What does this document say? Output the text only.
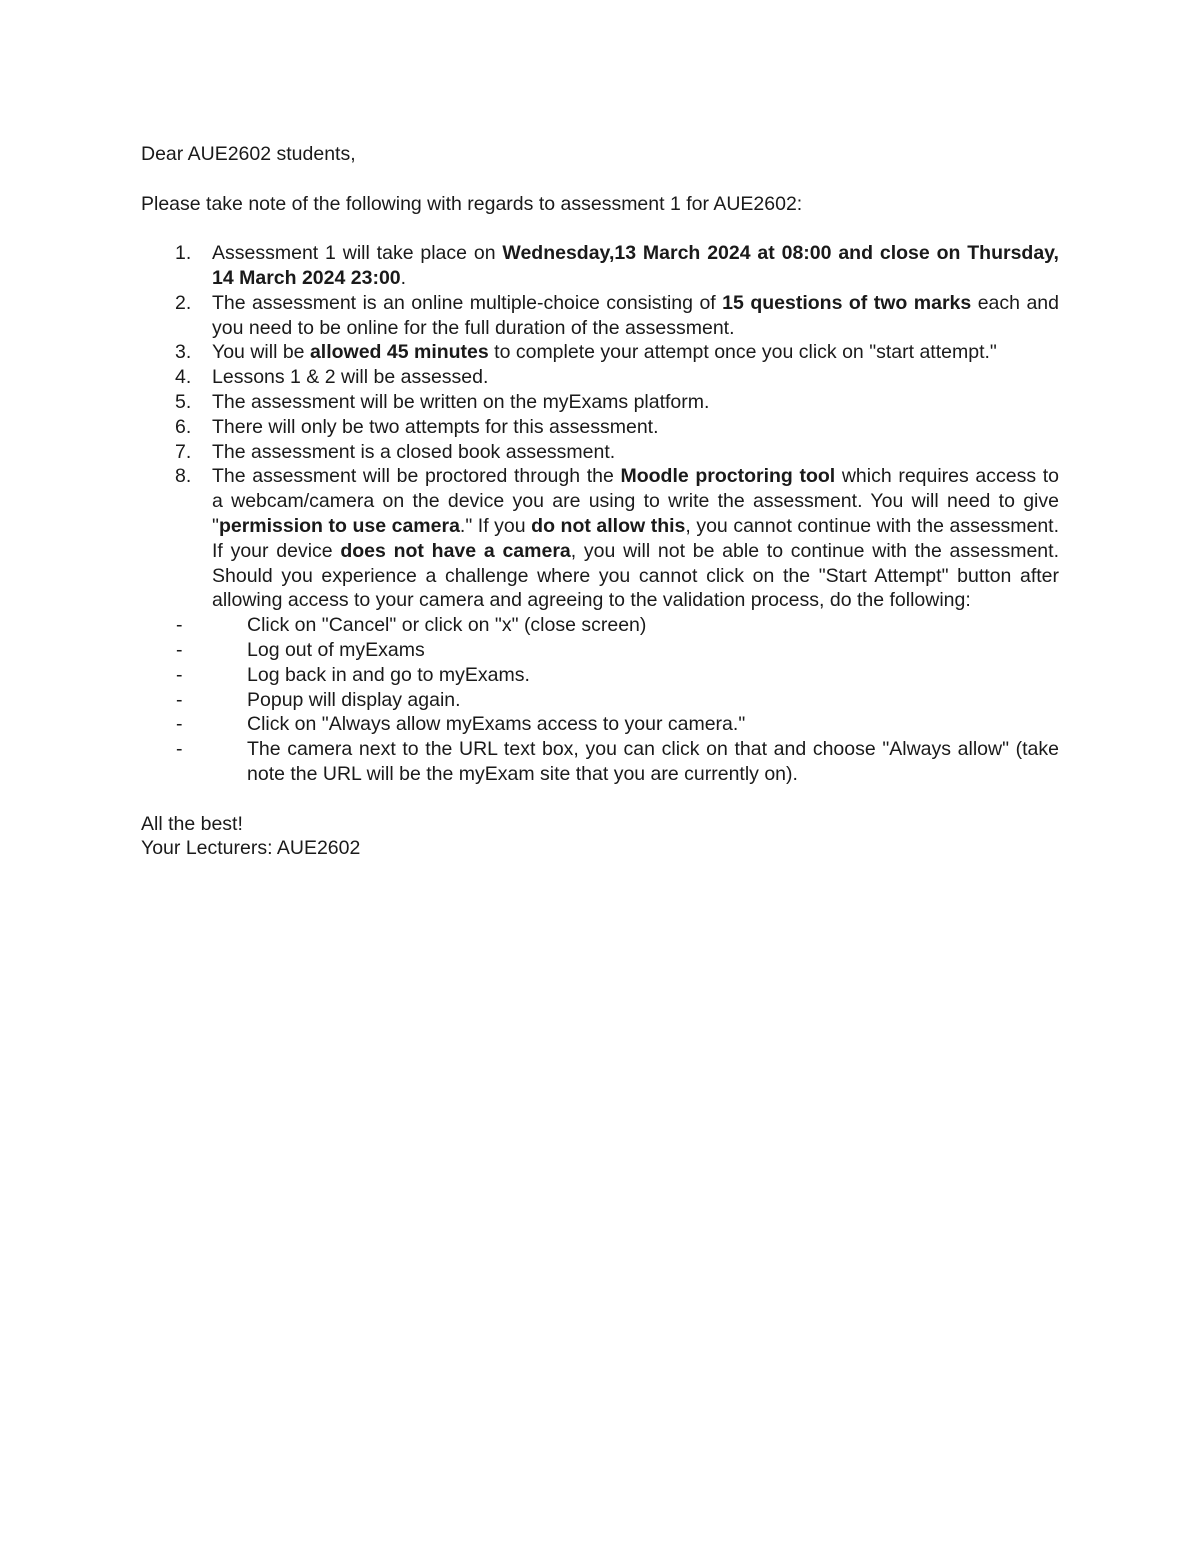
Dear AUE2602 students,

Please take note of the following with regards to assessment 1 for AUE2602:

1. Assessment 1 will take place on Wednesday,13 March 2024 at 08:00 and close on Thursday, 14 March 2024 23:00.
2. The assessment is an online multiple-choice consisting of 15 questions of two marks each and you need to be online for the full duration of the assessment.
3. You will be allowed 45 minutes to complete your attempt once you click on "start attempt."
4. Lessons 1 & 2 will be assessed.
5. The assessment will be written on the myExams platform.
6. There will only be two attempts for this assessment.
7. The assessment is a closed book assessment.
8. The assessment will be proctored through the Moodle proctoring tool which requires access to a webcam/camera on the device you are using to write the assessment. You will need to give "permission to use camera." If you do not allow this, you cannot continue with the assessment. If your device does not have a camera, you will not be able to continue with the assessment. Should you experience a challenge where you cannot click on the "Start Attempt" button after allowing access to your camera and agreeing to the validation process, do the following:
-	Click on "Cancel" or click on "x" (close screen)
-	Log out of myExams
-	Log back in and go to myExams.
-	Popup will display again.
-	Click on "Always allow myExams access to your camera."
-	The camera next to the URL text box, you can click on that and choose "Always allow" (take note the URL will be the myExam site that you are currently on).

All the best!

Your Lecturers: AUE2602
